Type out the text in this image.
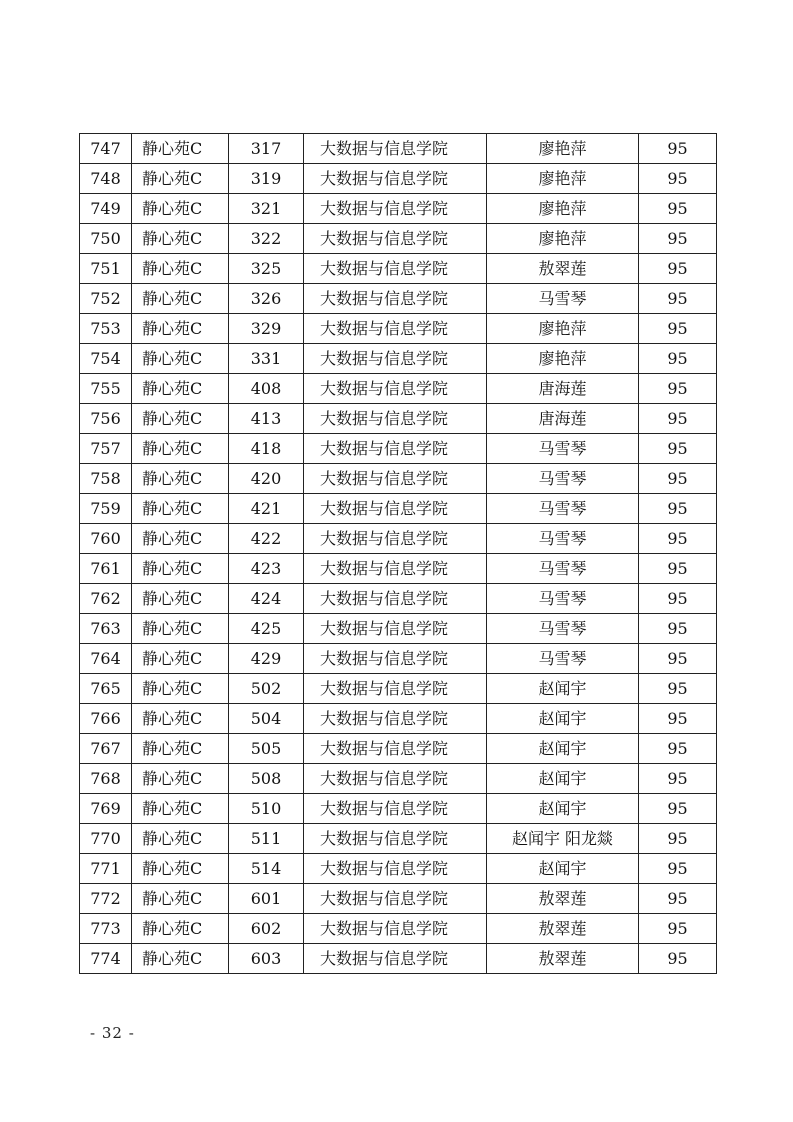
747	静心苑C	317	大数据与信息学院	廖艳萍	95
748	静心苑C	319	大数据与信息学院	廖艳萍	95
749	静心苑C	321	大数据与信息学院	廖艳萍	95
750	静心苑C	322	大数据与信息学院	廖艳萍	95
751	静心苑C	325	大数据与信息学院	敖翠莲	95
752	静心苑C	326	大数据与信息学院	马雪琴	95
753	静心苑C	329	大数据与信息学院	廖艳萍	95
754	静心苑C	331	大数据与信息学院	廖艳萍	95
755	静心苑C	408	大数据与信息学院	唐海莲	95
756	静心苑C	413	大数据与信息学院	唐海莲	95
757	静心苑C	418	大数据与信息学院	马雪琴	95
758	静心苑C	420	大数据与信息学院	马雪琴	95
759	静心苑C	421	大数据与信息学院	马雪琴	95
760	静心苑C	422	大数据与信息学院	马雪琴	95
761	静心苑C	423	大数据与信息学院	马雪琴	95
762	静心苑C	424	大数据与信息学院	马雪琴	95
763	静心苑C	425	大数据与信息学院	马雪琴	95
764	静心苑C	429	大数据与信息学院	马雪琴	95
765	静心苑C	502	大数据与信息学院	赵闻宇	95
766	静心苑C	504	大数据与信息学院	赵闻宇	95
767	静心苑C	505	大数据与信息学院	赵闻宇	95
768	静心苑C	508	大数据与信息学院	赵闻宇	95
769	静心苑C	510	大数据与信息学院	赵闻宇	95
770	静心苑C	511	大数据与信息学院	赵闻宇 阳龙燚	95
771	静心苑C	514	大数据与信息学院	赵闻宇	95
772	静心苑C	601	大数据与信息学院	敖翠莲	95
773	静心苑C	602	大数据与信息学院	敖翠莲	95
774	静心苑C	603	大数据与信息学院	敖翠莲	95
- 32 -
